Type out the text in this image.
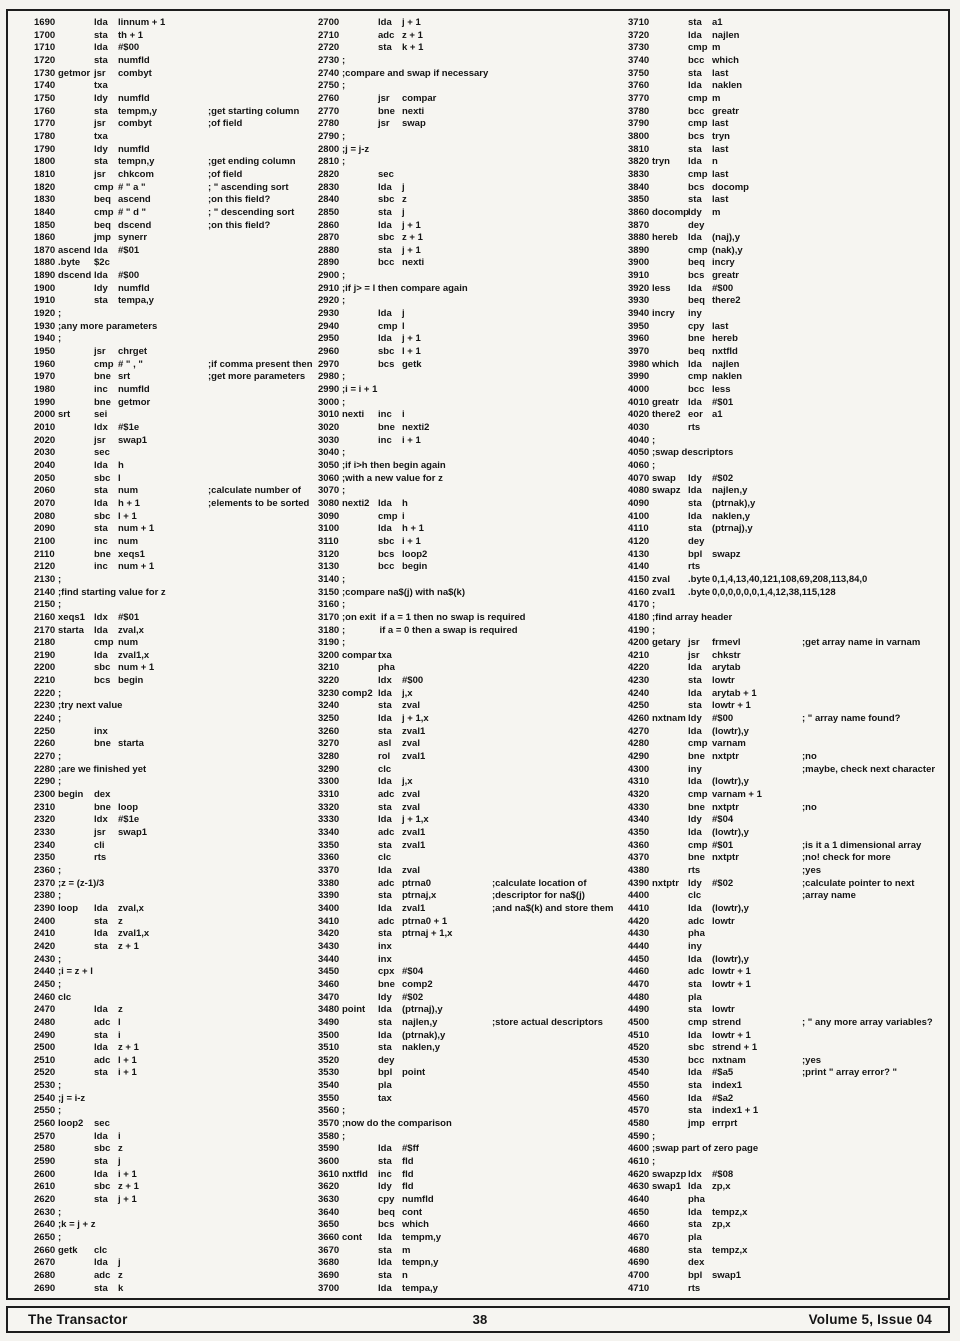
1690	lda	linnum + 1
1700	sta	th + 1
1710	lda	#$00
1720	sta	numfld
1730 getmor jsr	combyt
1740	txa
1750	ldy	numfld
1760	sta	tempm,y	;get starting column
1770	jsr	combyt	;of field
1780	txa
1790	ldy	numfld
1800	sta	tempn,y	;get ending column
1810	jsr	chkcom	;of field
1820	cmp # " a "	; " ascending sort
1830	beq ascend	;on this field?
1840	cmp # " d "	; " descending sort
1850	beq dscend	;on this field?
1860	jmp synerr
1870 ascend lda	#$01
1880 .byte	$2c
1890 dscend lda	#$00
1900	ldy	numfld
1910	sta	tempa,y
1920 ;
1930 ;any more parameters
1940 ;
1950	jsr	chrget
1960	cmp # " , "	;if comma present then
1970	bne srt	;get more parameters
1980	inc	numfld
1990	bne getmor
2000 srt	sei
2010	ldx	#$1e
2020	jsr	swap1
2030	sec
2040	lda	h
2050	sbc l
2060	sta	num	;calculate number of
2070	lda	h + 1	;elements to be sorted
2080	sbc l + 1
2090	sta	num + 1
2100	inc	num
2110	bne xeqs1
2120	inc	num + 1
2130 ;
2140 ;find starting value for z
2150 ;
2160 xeqs1 ldx	#$01
2170 starta	lda	zval,x
2180	cmp num
2190	lda	zval1,x
2200	sbc num + 1
2210	bcs begin
2220 ;
2230 ;try next value
2240 ;
2250	inx
2260	bne starta
2270 ;
2280 ;are we finished yet
2290 ;
2300 begin	dex
2310	bne loop
2320	ldx	#$1e
2330	jsr	swap1
2340	cli
2350	rts
2360 ;
2370 ;z = (z-1)/3
2380 ;
2390 loop	lda	zval,x
2400	sta	z
2410	lda	zval1,x
2420	sta	z + 1
2430 ;
2440 ;i = z + l
2450 ;
2460 clc
2470	lda	z
2480	adc l
2490	sta	i
2500	lda	z + 1
2510	adc l + 1
2520	sta	i + 1
2530 ;
2540 ;j = i-z
2550 ;
2560 loop2	sec
2570	lda	i
2580	sbc z
2590	sta	j
2600	lda	i + 1
2610	sbc z + 1
2620	sta	j + 1
2630 ;
2640 ;k = j + z
2650 ;
2660 getk	clc
2670	lda	j
2680	adc z
2690	sta	k
2700	lda	j + 1
2710	adc z + 1
2720	sta	k + 1
2730 ;
2740 ;compare and swap if necessary
2750 ;
2760	jsr	compar
2770	bne nexti
2780	jsr	swap
2790 ;
2800 ;j = j-z
2810 ;
2820	sec
2830	lda	j
2840	sbc z
2850	sta	j
2860	lda	j + 1
2870	sbc z + 1
2880	sta	j + 1
2890	bcc nexti
2900 ;
2910 ;if j> = l then compare again
2920 ;
2930	lda	j
2940	cmp l
2950	lda	j + 1
2960	sbc l + 1
2970	bcs getk
2980 ;
2990 ;i = i + 1
3000 ;
3010 nexti	inc	i
3020	bne nexti2
3030	inc	i + 1
3040 ;
3050 ;if i>h then begin again
3060 ;with a new value for z
3070 ;
3080 nexti2 lda	h
3090	cmp i
3100	lda	h + 1
3110	sbc i + 1
3120	bcs loop2
3130	bcc begin
3140 ;
3150 ;compare na$(j) with na$(k)
3160 ;
3170 ;on exit  if a = 1 then no swap is required
3180 ;             if a = 0 then a swap is required
3190 ;
3200 compar txa
3210	pha
3220	ldx	#$00
3230 comp2 lda	j,x
3240	sta	zval
3250	lda	j + 1,x
3260	sta	zval1
3270	asl	zval
3280	rol	zval1
3290	clc
3300	lda	j,x
3310	adc zval
3320	sta	zval
3330	lda	j + 1,x
3340	adc zval1
3350	sta	zval1
3360	clc
3370	lda	zval
3380	adc ptrna0	;calculate location of
3390	sta	ptrnaj,x	;descriptor for na$(j)
3400	lda	zval1	;and na$(k) and store them
3410	adc ptrna0 + 1
3420	sta	ptrnaj + 1,x
3430	inx
3440	inx
3450	cpx #$04
3460	bne comp2
3470	ldy	#$02
3480 point	lda	(ptrnaj),y
3490	sta	najlen,y	;store actual descriptors
3500	lda	(ptrnak),y
3510	sta	naklen,y
3520	dey
3530	bpl	point
3540	pla
3550	tax
3560 ;
3570 ;now do the comparison
3580 ;
3590	lda	#$ff
3600	sta	fld
3610 nxtfld	inc	fld
3620	ldy	fld
3630	cpy numfld
3640	beq cont
3650	bcs which
3660 cont	lda	tempm,y
3670	sta	m
3680	lda	tempn,y
3690	sta	n
3700	lda	tempa,y
3710	sta	a1
3720	lda	najlen
3730	cmp m
3740	bcc which
3750	sta	last
3760	lda	naklen
3770	cmp m
3780	bcc greatr
3790	cmp last
3800	bcs tryn
3810	sta	last
3820 tryn	lda	n
3830	cmp last
3840	bcs docomp
3850	sta	last
3860 docomp ldy	m
3870	dey
3880 hereb	lda	(naj),y
3890	cmp (nak),y
3900	beq incry
3910	bcs greatr
3920 less	lda	#$00
3930	beq there2
3940 incry	iny
3950	cpy last
3960	bne hereb
3970	beq nxtfld
3980 which lda	najlen
3990	cmp naklen
4000	bcc less
4010 greatr lda	#$01
4020 there2 eor a1
4030	rts
4040 ;
4050 ;swap descriptors
4060 ;
4070 swap	ldy	#$02
4080 swapz lda	najlen,y
4090	sta	(ptrnak),y
4100	lda	naklen,y
4110	sta	(ptrnaj),y
4120	dey
4130	bpl	swapz
4140	rts
4150 zval	.byte 0,1,4,13,40,121,108,69,208,113,84,0
4160 zval1	.byte 0,0,0,0,0,0,1,4,12,38,115,128
4170 ;
4180 ;find array header
4190 ;
4200 getary jsr	frmevl	;get array name in varnam
4210	jsr	chkstr
4220	lda	arytab
4230	sta	lowtr
4240	lda	arytab + 1
4250	sta	lowtr + 1
4260 nxtnam ldy	#$00	; " array name found?
4270	lda	(lowtr),y
4280	cmp varnam
4290	bne nxtptr	;no
4300	iny	;maybe, check next character
4310	lda	(lowtr),y
4320	cmp varnam + 1
4330	bne nxtptr	;no
4340	ldy	#$04
4350	lda	(lowtr),y
4360	cmp #$01	;is it a 1 dimensional array
4370	bne nxtptr	;no! check for more
4380	rts	;yes
4390 nxtptr ldy	#$02	;calculate pointer to next
4400	clc	;array name
4410	lda	(lowtr),y
4420	adc lowtr
4430	pha
4440	iny
4450	lda	(lowtr),y
4460	adc lowtr + 1
4470	sta	lowtr + 1
4480	pla
4490	sta	lowtr
4500	cmp strend	; " any more array variables?
4510	lda	lowtr + 1
4520	sbc strend + 1
4530	bcc nxtnam	;yes
4540	lda	#$a5	;print " array error? "
4550	sta	index1
4560	lda	#$a2
4570	sta	index1 + 1
4580	jmp errprt
4590 ;
4600 ;swap part of zero page
4610 ;
4620 swapzp ldx	#$08
4630 swap1 lda	zp,x
4640	pha
4650	lda	tempz,x
4660	sta	zp,x
4670	pla
4680	sta	tempz,x
4690	dex
4700	bpl	swap1
4710	rts
The Transactor	38	Volume 5, Issue 04
